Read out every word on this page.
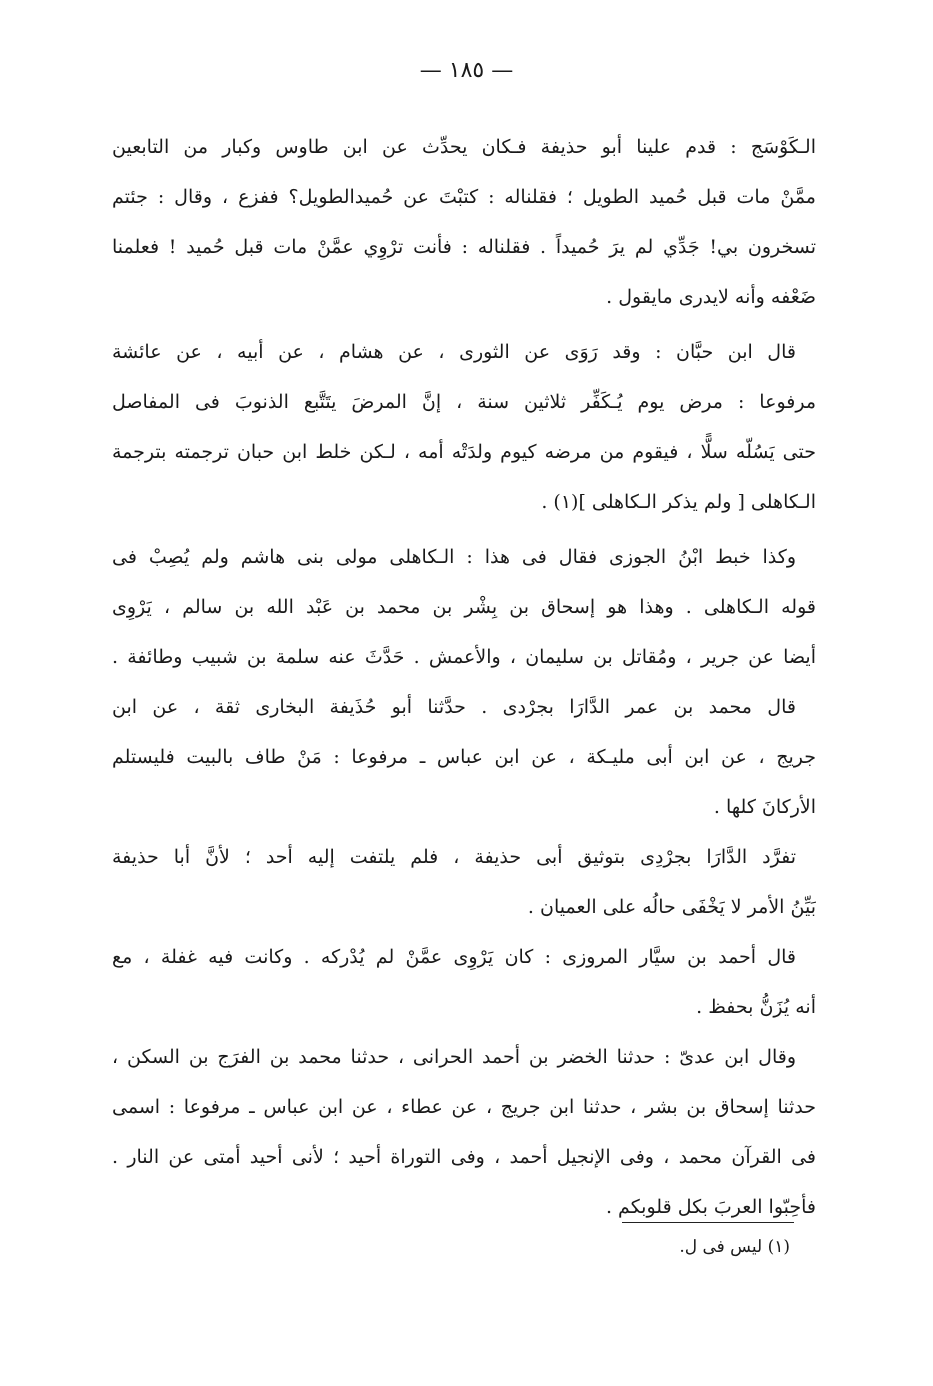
— ١٨٥ —
الـكَوْسَج : قدم علينا أبو حذيفة فـكان يحدِّث عن ابن طاوس وكبار من التابعين
ممَّنْ مات قبل حُميد الطويل ؛ فقلناله : كتبْتَ عن حُميدالطويل؟ ففزع ، وقال : جئتم
تسخرون بي! جَدِّي لم يرَ حُميداً . فقلناله : فأنت ترْوِي عمَّنْ مات قبل حُميد ! فعلمنا
ضَعْفه وأنه لايدرى مايقول .
قال ابن حبَّان : وقد رَوَى عن الثورى ، عن هشام ، عن أبيه ، عن عائشة
مرفوعا : مرض يوم يُـكَفِّر ثلاثين سنة ، إنَّ المرضَ يتَتَّبع الذنوبَ فى المفاصل
حتى يَسُلّه سلًّا ، فيقوم من مرضه كيوم ولدَتْه أمه ، لـكن خلط ابن حبان ترجمته بترجمة
الـكاهلى [ ولم يذكر الـكاهلى ](١) .
وكذا خبط ابْنُ الجوزى فقال فى هذا : الـكاهلى مولى بنى هاشم ولم يُصِبْ فى
قوله الـكاهلى . وهذا هو إسحاق بن بِشْر بن محمد بن عَبْد الله بن سالم ، يَرْوِى
أيضا عن جرير ، ومُقاتل بن سليمان ، والأعمش . حَدَّثَ عنه سلمة بن شبيب وطائفة .
قال محمد بن عمر الدَّارَا بجرْدى . حدَّثنا أبو حُذَيفة البخارى ثقة ، عن ابن
جريج ، عن ابن أبى مليـكة ، عن ابن عباس ـ مرفوعا : مَنْ طاف بالبيت فليستلم
الأركانَ كلها .
تفرَّد الدَّارَا بجرْدِى بتوثيق أبى حذيفة ، فلم يلتفت إليه أحد ؛ لأنَّ أبا حذيفة
بَيِّنُ الأمر لا يَخْفَى حالُه على العميان .
قال أحمد بن سيَّار المروزى : كان يَرْوِى عمَّنْ لم يُدْركه . وكانت فيه غفلة ، مع
أنه يُزَنُّ بحفظ .
وقال ابن عدىّ : حدثنا الخضر بن أحمد الحرانى ، حدثنا محمد بن الفرَج بن السكن ،
حدثنا إسحاق بن بشر ، حدثنا ابن جريج ، عن عطاء ، عن ابن عباس ـ مرفوعا : اسمى
فى القرآن محمد ، وفى الإنجيل أحمد ، وفى التوراة أحيد ؛ لأنى أحيد أمتى عن النار .
فأحِبّوا العربَ بكل قلوبكم .
(١) ليس فى ل.
